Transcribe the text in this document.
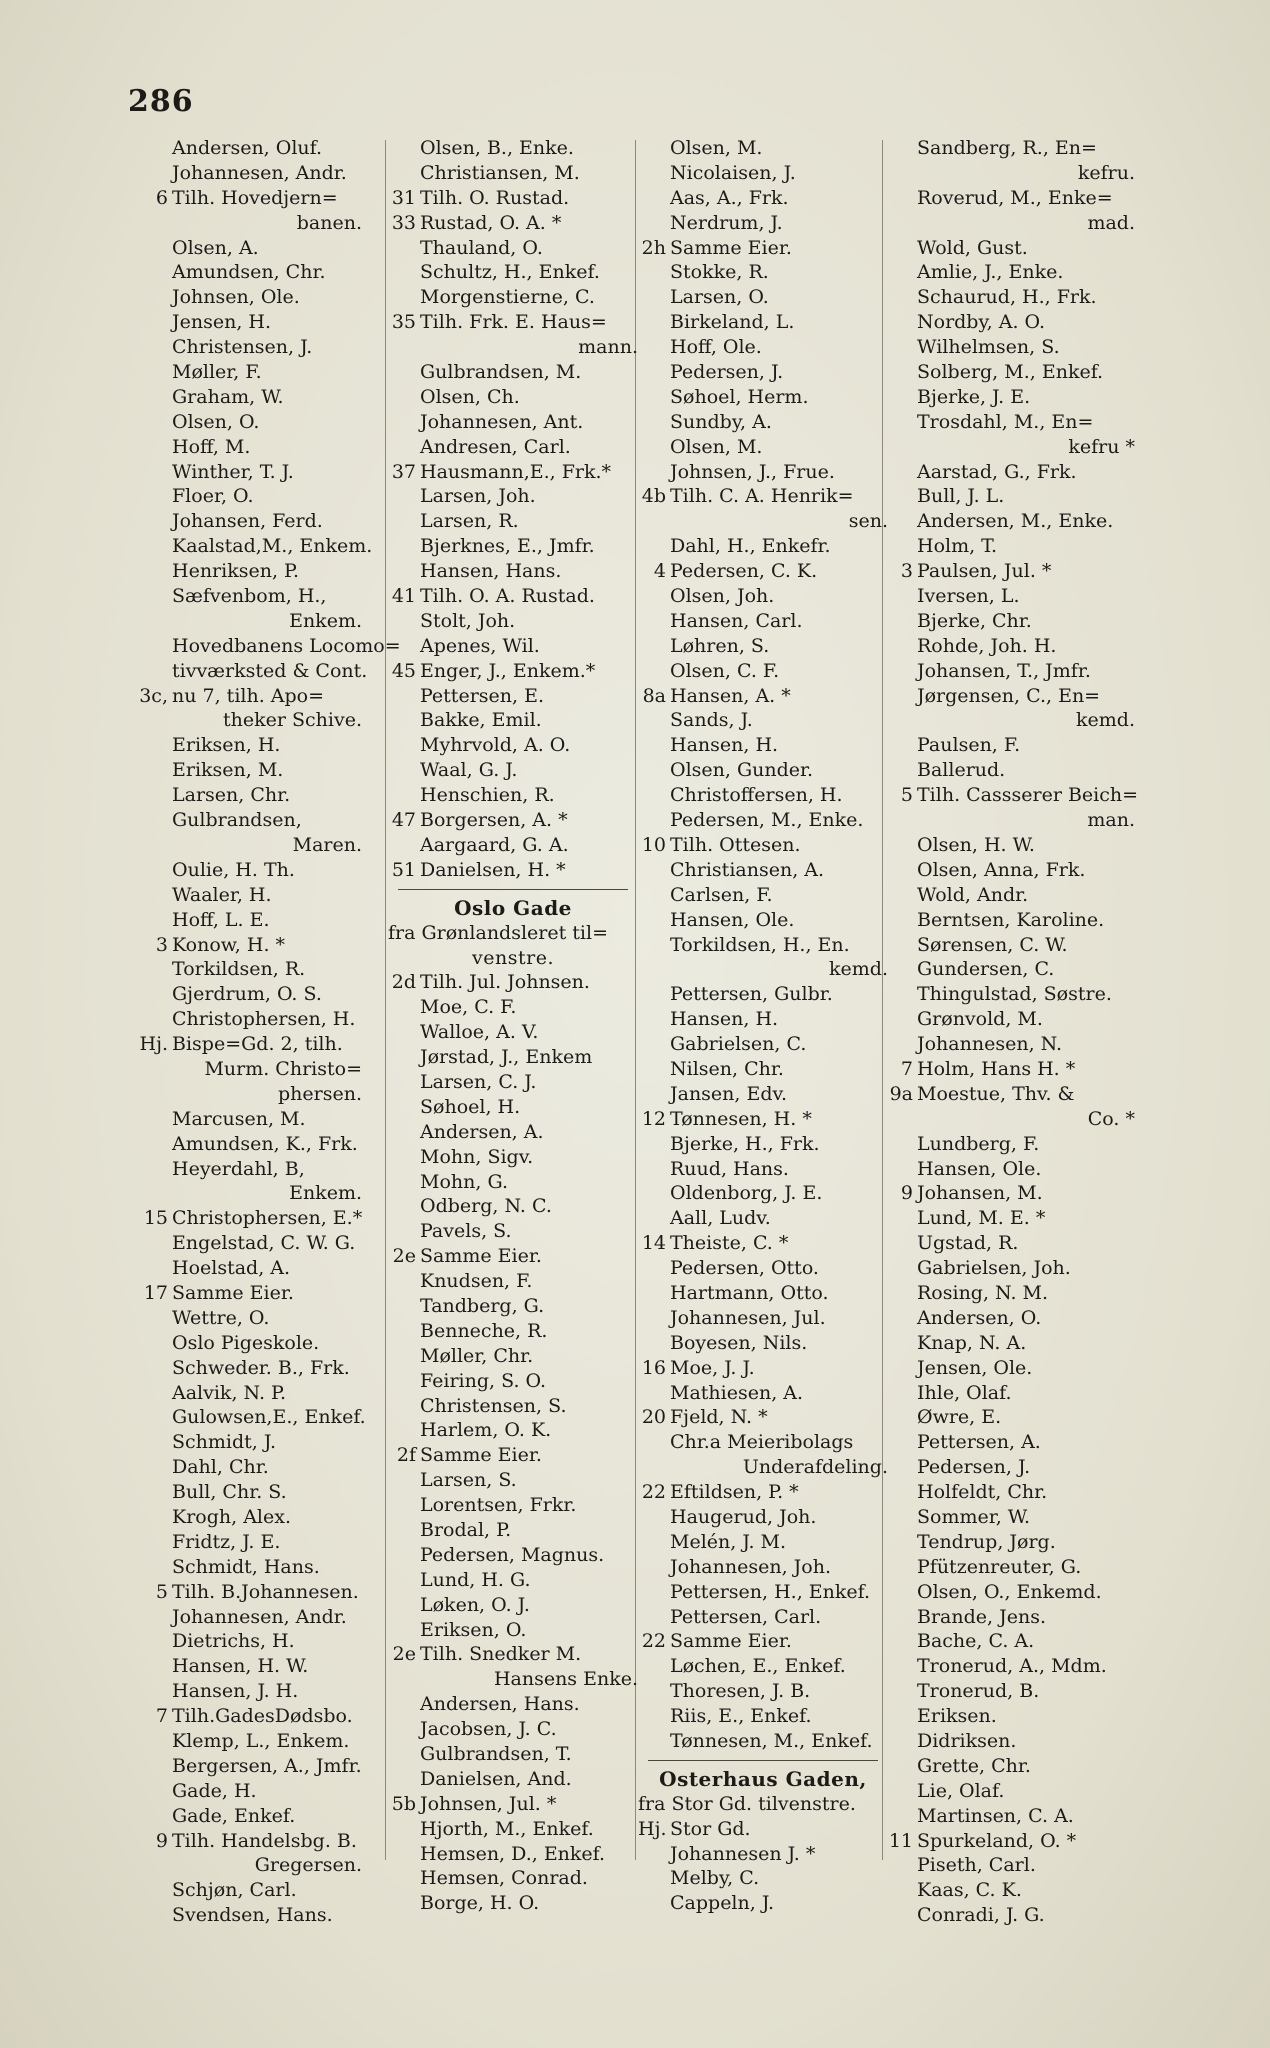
286
Andersen, Oluf.
Johannesen, Andr.
6 Tilh. Hovedjern=
banen.
Olsen, A.
Amundsen, Chr.
Johnsen, Ole.
Jensen, H.
Christensen, J.
Møller, F.
Graham, W.
Olsen, O.
Hoff, M.
Winther, T. J.
Floer, O.
Johansen, Ferd.
Kaalstad,M., Enkem.
Henriksen, P.
Sæfvenbom, H.,
Enkem.
Hovedbanens Locomo=
tivværksted & Cont.
3c, nu 7, tilh. Apo=
theker Schive.
Eriksen, H.
Eriksen, M.
Larsen, Chr.
Gulbrandsen,
Maren.
Oulie, H. Th.
Waaler, H.
Hoff, L. E.
3 Konow, H. *
Torkildsen, R.
Gjerdrum, O. S.
Christophersen, H.
Hj. Bispe=Gd. 2, tilh.
Murm. Christo=
phersen.
Marcusen, M.
Amundsen, K., Frk.
Heyerdahl, B,
Enkem.
15 Christophersen, E.*
Engelstad, C. W. G.
Hoelstad, A.
17 Samme Eier.
Wettre, O.
Oslo Pigeskole.
Schweder. B., Frk.
Aalvik, N. P.
Gulowsen,E., Enkef.
Schmidt, J.
Dahl, Chr.
Bull, Chr. S.
Krogh, Alex.
Fridtz, J. E.
Schmidt, Hans.
5 Tilh. B.Johannesen.
Johannesen, Andr.
Dietrichs, H.
Hansen, H. W.
Hansen, J. H.
7 Tilh.GadesDødsbo.
Klemp, L., Enkem.
Bergersen, A., Jmfr.
Gade, H.
Gade, Enkef.
9 Tilh. Handelsbg. B.
Gregersen.
Schjøn, Carl.
Svendsen, Hans.
Olsen, B., Enke.
Christiansen, M.
31 Tilh. O. Rustad.
33 Rustad, O. A. *
Thauland, O.
Schultz, H., Enkef.
Morgenstierne, C.
35 Tilh. Frk. E. Haus=
mann.
Gulbrandsen, M.
Olsen, Ch.
Johannesen, Ant.
Andresen, Carl.
37 Hausmann,E., Frk.*
Larsen, Joh.
Larsen, R.
Bjerknes, E., Jmfr.
Hansen, Hans.
41 Tilh. O. A. Rustad.
Stolt, Joh.
Apenes, Wil.
45 Enger, J., Enkem.*
Pettersen, E.
Bakke, Emil.
Myhrvold, A. O.
Waal, G. J.
Henschien, R.
47 Borgersen, A. *
Aargaard, G. A.
51 Danielsen, H. *
Oslo Gade
fra Grønlandsleret til=
venstre.
2d Tilh. Jul. Johnsen.
Moe, C. F.
Walloe, A. V.
Jørstad, J., Enkem
Larsen, C. J.
Søhoel, H.
Andersen, A.
Mohn, Sigv.
Mohn, G.
Odberg, N. C.
Pavels, S.
2e Samme Eier.
Knudsen, F.
Tandberg, G.
Benneche, R.
Møller, Chr.
Feiring, S. O.
Christensen, S.
Harlem, O. K.
2f Samme Eier.
Larsen, S.
Lorentsen, Frkr.
Brodal, P.
Pedersen, Magnus.
Lund, H. G.
Løken, O. J.
Eriksen, O.
2e Tilh. Snedker M.
Hansens Enke.
Andersen, Hans.
Jacobsen, J. C.
Gulbrandsen, T.
Danielsen, And.
5b Johnsen, Jul. *
Hjorth, M., Enkef.
Hemsen, D., Enkef.
Hemsen, Conrad.
Borge, H. O.
Olsen, M.
Nicolaisen, J.
Aas, A., Frk.
Nerdrum, J.
2h Samme Eier.
Stokke, R.
Larsen, O.
Birkeland, L.
Hoff, Ole.
Pedersen, J.
Søhoel, Herm.
Sundby, A.
Olsen, M.
Johnsen, J., Frue.
4b Tilh. C. A. Henrik=
sen.
Dahl, H., Enkefr.
4 Pedersen, C. K.
Olsen, Joh.
Hansen, Carl.
Løhren, S.
Olsen, C. F.
8a Hansen, A. *
Sands, J.
Hansen, H.
Olsen, Gunder.
Christoffersen, H.
Pedersen, M., Enke.
10 Tilh. Ottesen.
Christiansen, A.
Carlsen, F.
Hansen, Ole.
Torkildsen, H., En.
kemd.
Pettersen, Gulbr.
Hansen, H.
Gabrielsen, C.
Nilsen, Chr.
Jansen, Edv.
12 Tønnesen, H. *
Bjerke, H., Frk.
Ruud, Hans.
Oldenborg, J. E.
Aall, Ludv.
14 Theiste, C. *
Pedersen, Otto.
Hartmann, Otto.
Johannesen, Jul.
Boyesen, Nils.
16 Moe, J. J.
Mathiesen, A.
20 Fjeld, N. *
Chr.a Meieribolags
Underafdeling.
22 Eftildsen, P. *
Haugerud, Joh.
Melén, J. M.
Johannesen, Joh.
Pettersen, H., Enkef.
Pettersen, Carl.
22 Samme Eier.
Løchen, E., Enkef.
Thoresen, J. B.
Riis, E., Enkef.
Tønnesen, M., Enkef.
Osterhaus Gaden,
fra Stor Gd. tilvenstre.
Hj. Stor Gd.
Johannesen J. *
Melby, C.
Cappeln, J.
Sandberg, R., En=
kefru.
Roverud, M., Enke=
mad.
Wold, Gust.
Amlie, J., Enke.
Schaurud, H., Frk.
Nordby, A. O.
Wilhelmsen, S.
Solberg, M., Enkef.
Bjerke, J. E.
Trosdahl, M., En=
kefru *
Aarstad, G., Frk.
Bull, J. L.
Andersen, M., Enke.
Holm, T.
3 Paulsen, Jul. *
Iversen, L.
Bjerke, Chr.
Rohde, Joh. H.
Johansen, T., Jmfr.
Jørgensen, C., En=
kemd.
Paulsen, F.
Ballerud.
5 Tilh. Cassserer Beich=
man.
Olsen, H. W.
Olsen, Anna, Frk.
Wold, Andr.
Berntsen, Karoline.
Sørensen, C. W.
Gundersen, C.
Thingulstad, Søstre.
Grønvold, M.
Johannesen, N.
7 Holm, Hans H. *
9a Moestue, Thv. &
Co. *
Lundberg, F.
Hansen, Ole.
9 Johansen, M.
Lund, M. E. *
Ugstad, R.
Gabrielsen, Joh.
Rosing, N. M.
Andersen, O.
Knap, N. A.
Jensen, Ole.
Ihle, Olaf.
Øwre, E.
Pettersen, A.
Pedersen, J.
Holfeldt, Chr.
Sommer, W.
Tendrup, Jørg.
Pfützenreuter, G.
Olsen, O., Enkemd.
Brande, Jens.
Bache, C. A.
Tronerud, A., Mdm.
Tronerud, B.
Eriksen.
Didriksen.
Grette, Chr.
Lie, Olaf.
Martinsen, C. A.
11 Spurkeland, O. *
Piseth, Carl.
Kaas, C. K.
Conradi, J. G.
